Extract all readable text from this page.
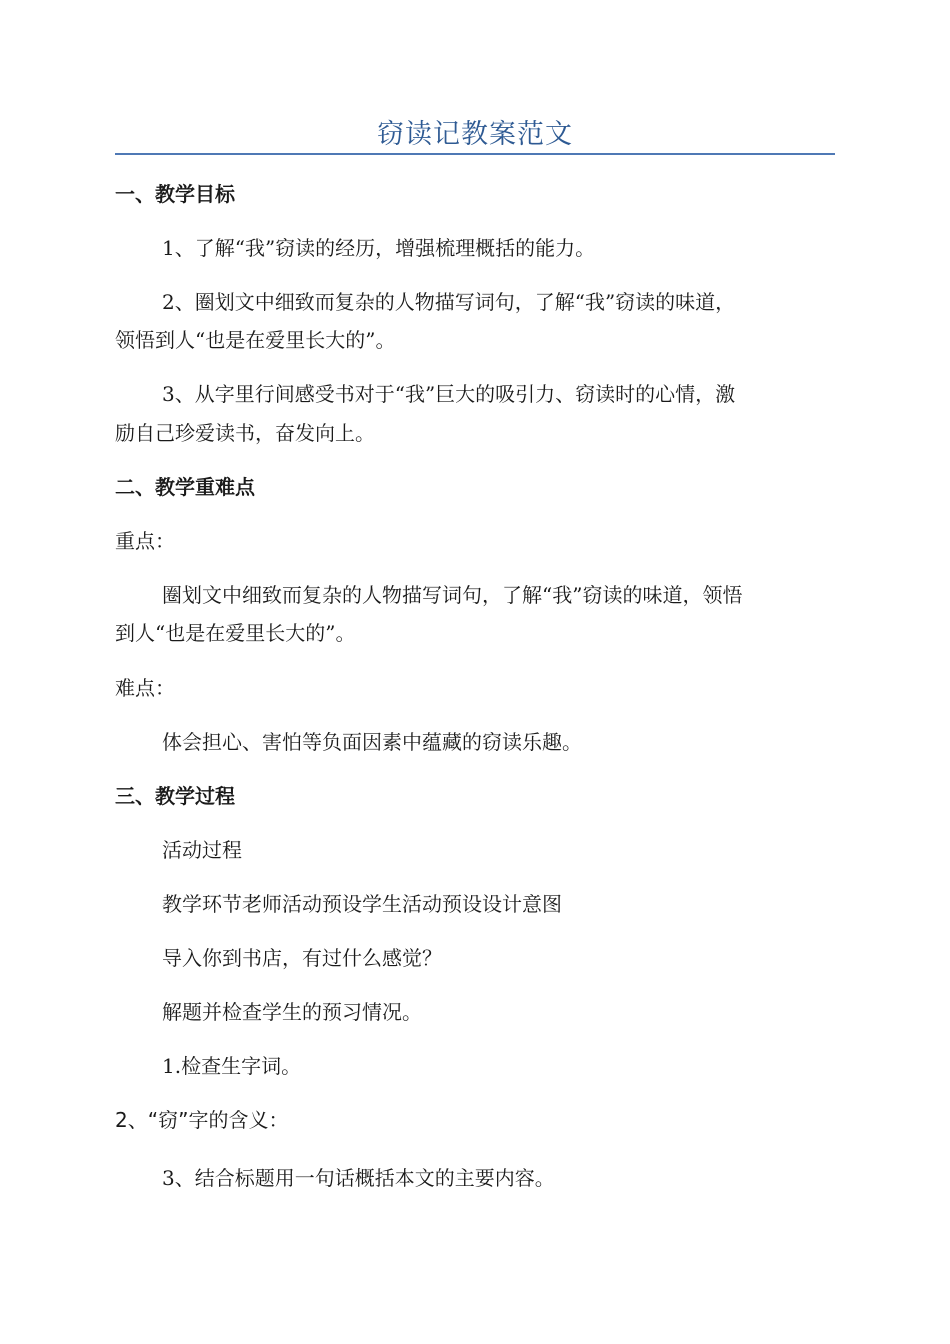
窃读记教案范文
一、教学目标
1、了解“我”窃读的经历，增强梳理概括的能力。
2、圈划文中细致而复杂的人物描写词句，了解“我”窃读的味道，
领悟到人“也是在爱里长大的”。
3、从字里行间感受书对于“我”巨大的吸引力、窃读时的心情，激
励自己珍爱读书，奋发向上。
二、教学重难点
重点：
圈划文中细致而复杂的人物描写词句，了解“我”窃读的味道，领悟
到人“也是在爱里长大的”。
难点：
体会担心、害怕等负面因素中蕴藏的窃读乐趣。
三、教学过程
活动过程
教学环节老师活动预设学生活动预设设计意图
导入你到书店，有过什么感觉？
解题并检查学生的预习情况。
1.检查生字词。
2、“窃”字的含义：
3、结合标题用一句话概括本文的主要内容。
